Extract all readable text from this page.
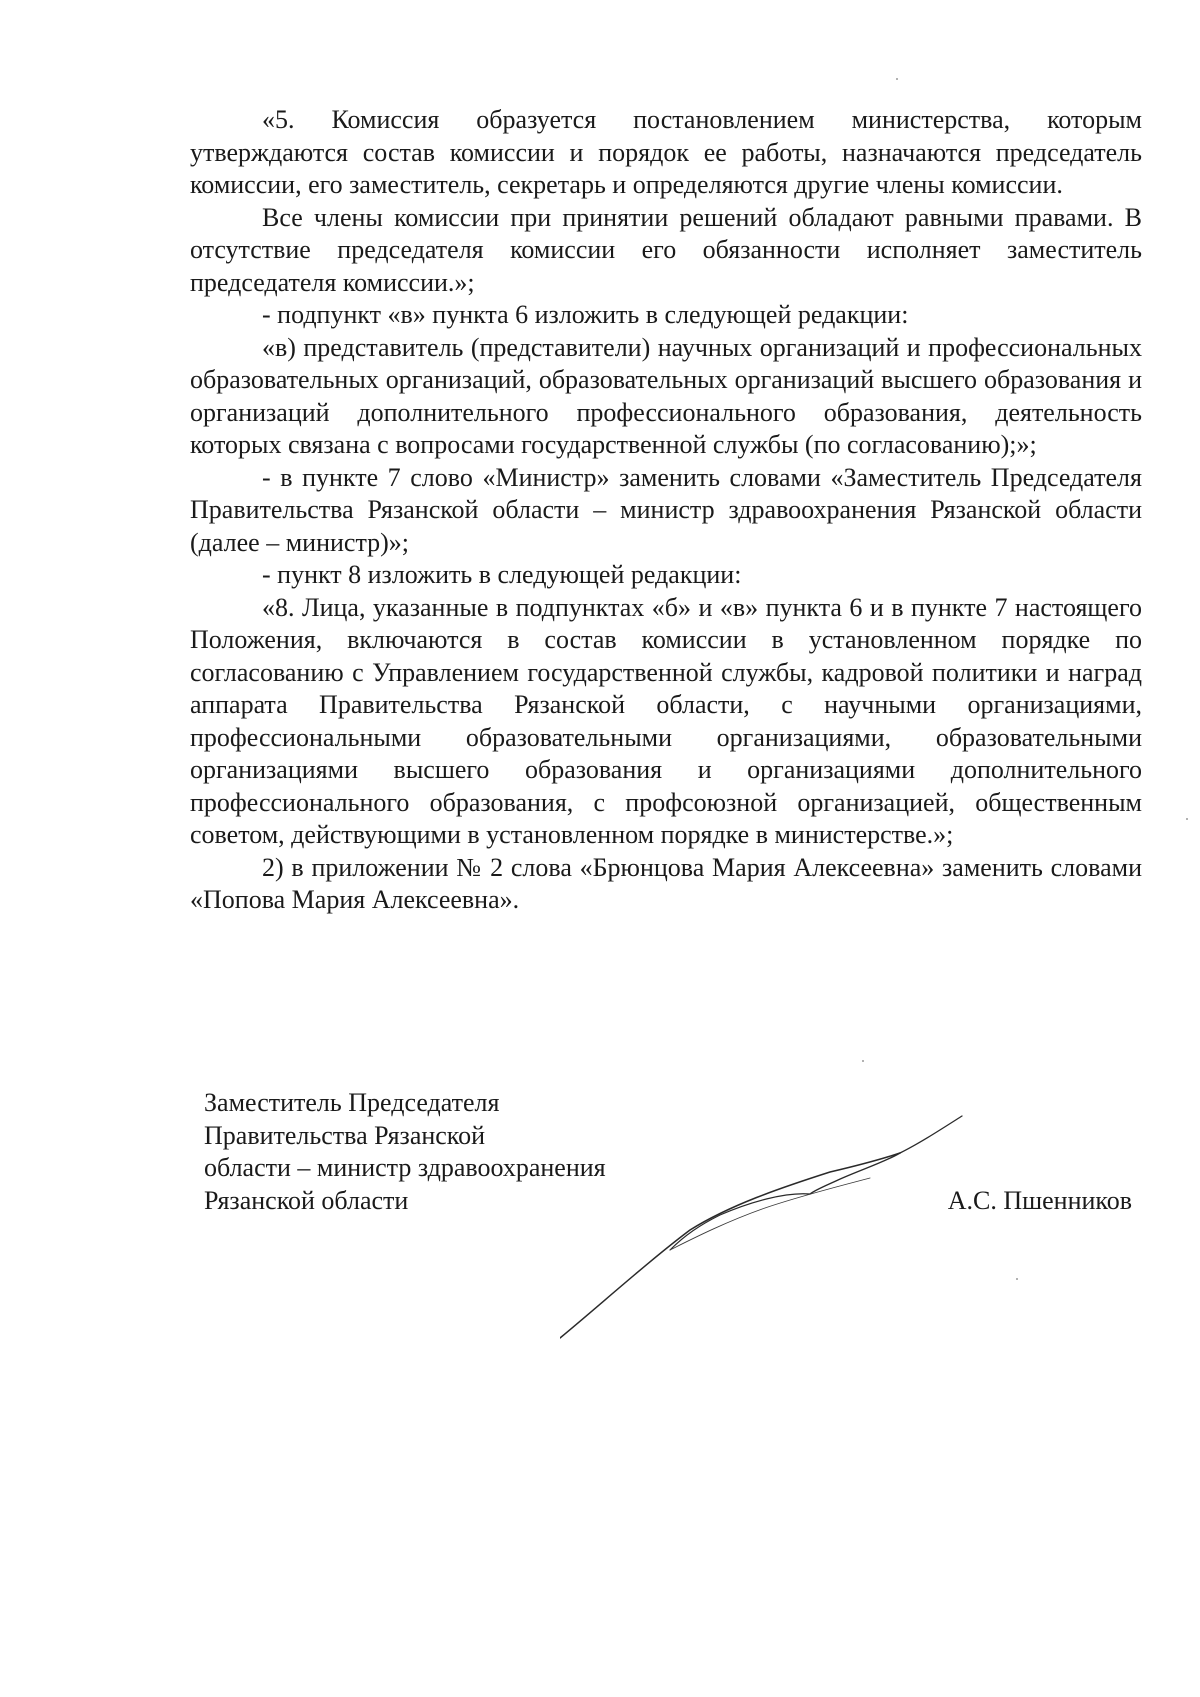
«5. Комиссия образуется постановлением министерства, которым утверждаются состав комиссии и порядок ее работы, назначаются председатель комиссии, его заместитель, секретарь и определяются другие члены комиссии.

Все члены комиссии при принятии решений обладают равными правами. В отсутствие председателя комиссии его обязанности исполняет заместитель председателя комиссии.»;

- подпункт «в» пункта 6 изложить в следующей редакции:

«в) представитель (представители) научных организаций и профессиональных образовательных организаций, образовательных организаций высшего образования и организаций дополнительного профессионального образования, деятельность которых связана с вопросами государственной службы (по согласованию);»;

- в пункте 7 слово «Министр» заменить словами «Заместитель Председателя Правительства Рязанской области – министр здравоохранения Рязанской области (далее – министр)»;

- пункт 8 изложить в следующей редакции:

«8. Лица, указанные в подпунктах «б» и «в» пункта 6 и в пункте 7 настоящего Положения, включаются в состав комиссии в установленном порядке по согласованию с Управлением государственной службы, кадровой политики и наград аппарата Правительства Рязанской области, с научными организациями, профессиональными образовательными организациями, образовательными организациями высшего образования и организациями дополнительного профессионального образования, с профсоюзной организацией, общественным советом, действующими в установленном порядке в министерстве.»;

2) в приложении № 2 слова «Брюнцова Мария Алексеевна» заменить словами «Попова Мария Алексеевна».

Заместитель Председателя
Правительства Рязанской
области – министр здравоохранения
Рязанской области	А.С. Пшенников
